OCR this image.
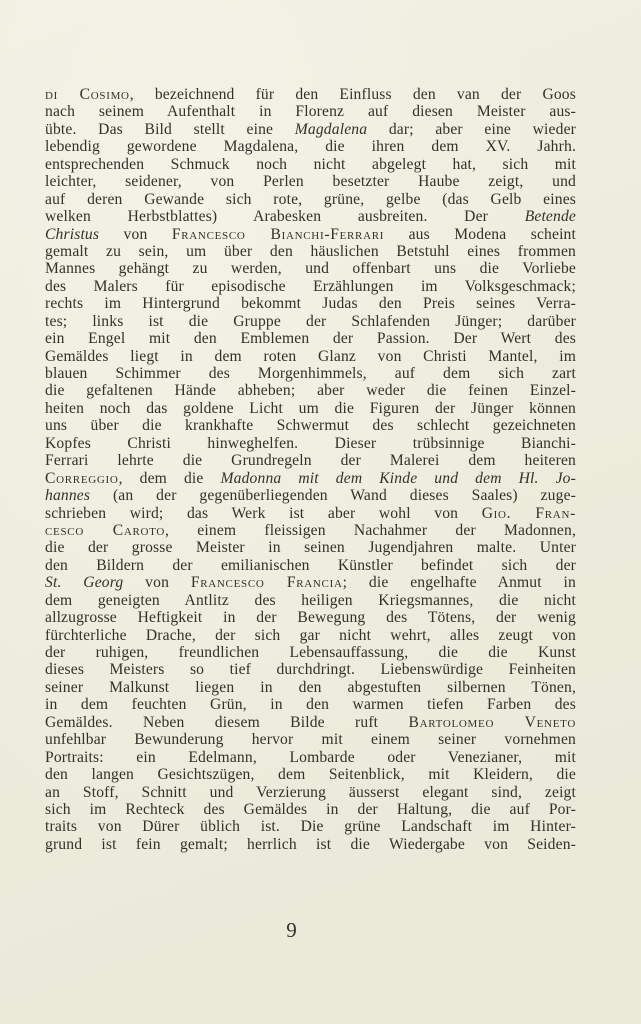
di Cosimo, bezeichnend für den Einfluss den van der Goos
nach seinem Aufenthalt in Florenz auf diesen Meister aus-
übte. Das Bild stellt eine Magdalena dar; aber eine wieder
lebendig gewordene Magdalena, die ihren dem XV. Jahrh.
entsprechenden Schmuck noch nicht abgelegt hat, sich mit
leichter, seidener, von Perlen besetzter Haube zeigt, und
auf deren Gewande sich rote, grüne, gelbe (das Gelb eines
welken Herbstblattes) Arabesken ausbreiten. Der Betende
Christus von Francesco Bianchi-Ferrari aus Modena scheint
gemalt zu sein, um über den häuslichen Betstuhl eines frommen
Mannes gehängt zu werden, und offenbart uns die Vorliebe
des Malers für episodische Erzählungen im Volksgeschmack;
rechts im Hintergrund bekommt Judas den Preis seines Verra-
tes; links ist die Gruppe der Schlafenden Jünger; darüber
ein Engel mit den Emblemen der Passion. Der Wert des
Gemäldes liegt in dem roten Glanz von Christi Mantel, im
blauen Schimmer des Morgenhimmels, auf dem sich zart
die gefaltenen Hände abheben; aber weder die feinen Einzel-
heiten noch das goldene Licht um die Figuren der Jünger können
uns über die krankhafte Schwermut des schlecht gezeichneten
Kopfes Christi hinweghelfen. Dieser trübsinnige Bianchi-
Ferrari lehrte die Grundregeln der Malerei dem heiteren
Correggio, dem die Madonna mit dem Kinde und dem Hl. Jo-
hannes (an der gegenüberliegenden Wand dieses Saales) zuge-
schrieben wird; das Werk ist aber wohl von Gio. Fran-
cesco Caroto, einem fleissigen Nachahmer der Madonnen,
die der grosse Meister in seinen Jugendjahren malte. Unter
den Bildern der emilianischen Künstler befindet sich der
St. Georg von Francesco Francia; die engelhafte Anmut in
dem geneigten Antlitz des heiligen Kriegsmannes, die nicht
allzugrosse Heftigkeit in der Bewegung des Tötens, der wenig
fürchterliche Drache, der sich gar nicht wehrt, alles zeugt von
der ruhigen, freundlichen Lebensauffassung, die die Kunst
dieses Meisters so tief durchdringt. Liebenswürdige Feinheiten
seiner Malkunst liegen in den abgestuften silbernen Tönen,
in dem feuchten Grün, in den warmen tiefen Farben des
Gemäldes. Neben diesem Bilde ruft Bartolomeo Veneto
unfehlbar Bewunderung hervor mit einem seiner vornehmen
Portraits: ein Edelmann, Lombarde oder Venezianer, mit
den langen Gesichtszügen, dem Seitenblick, mit Kleidern, die
an Stoff, Schnitt und Verzierung äusserst elegant sind, zeigt
sich im Rechteck des Gemäldes in der Haltung, die auf Por-
traits von Dürer üblich ist. Die grüne Landschaft im Hinter-
grund ist fein gemalt; herrlich ist die Wiedergabe von Seiden-
9
